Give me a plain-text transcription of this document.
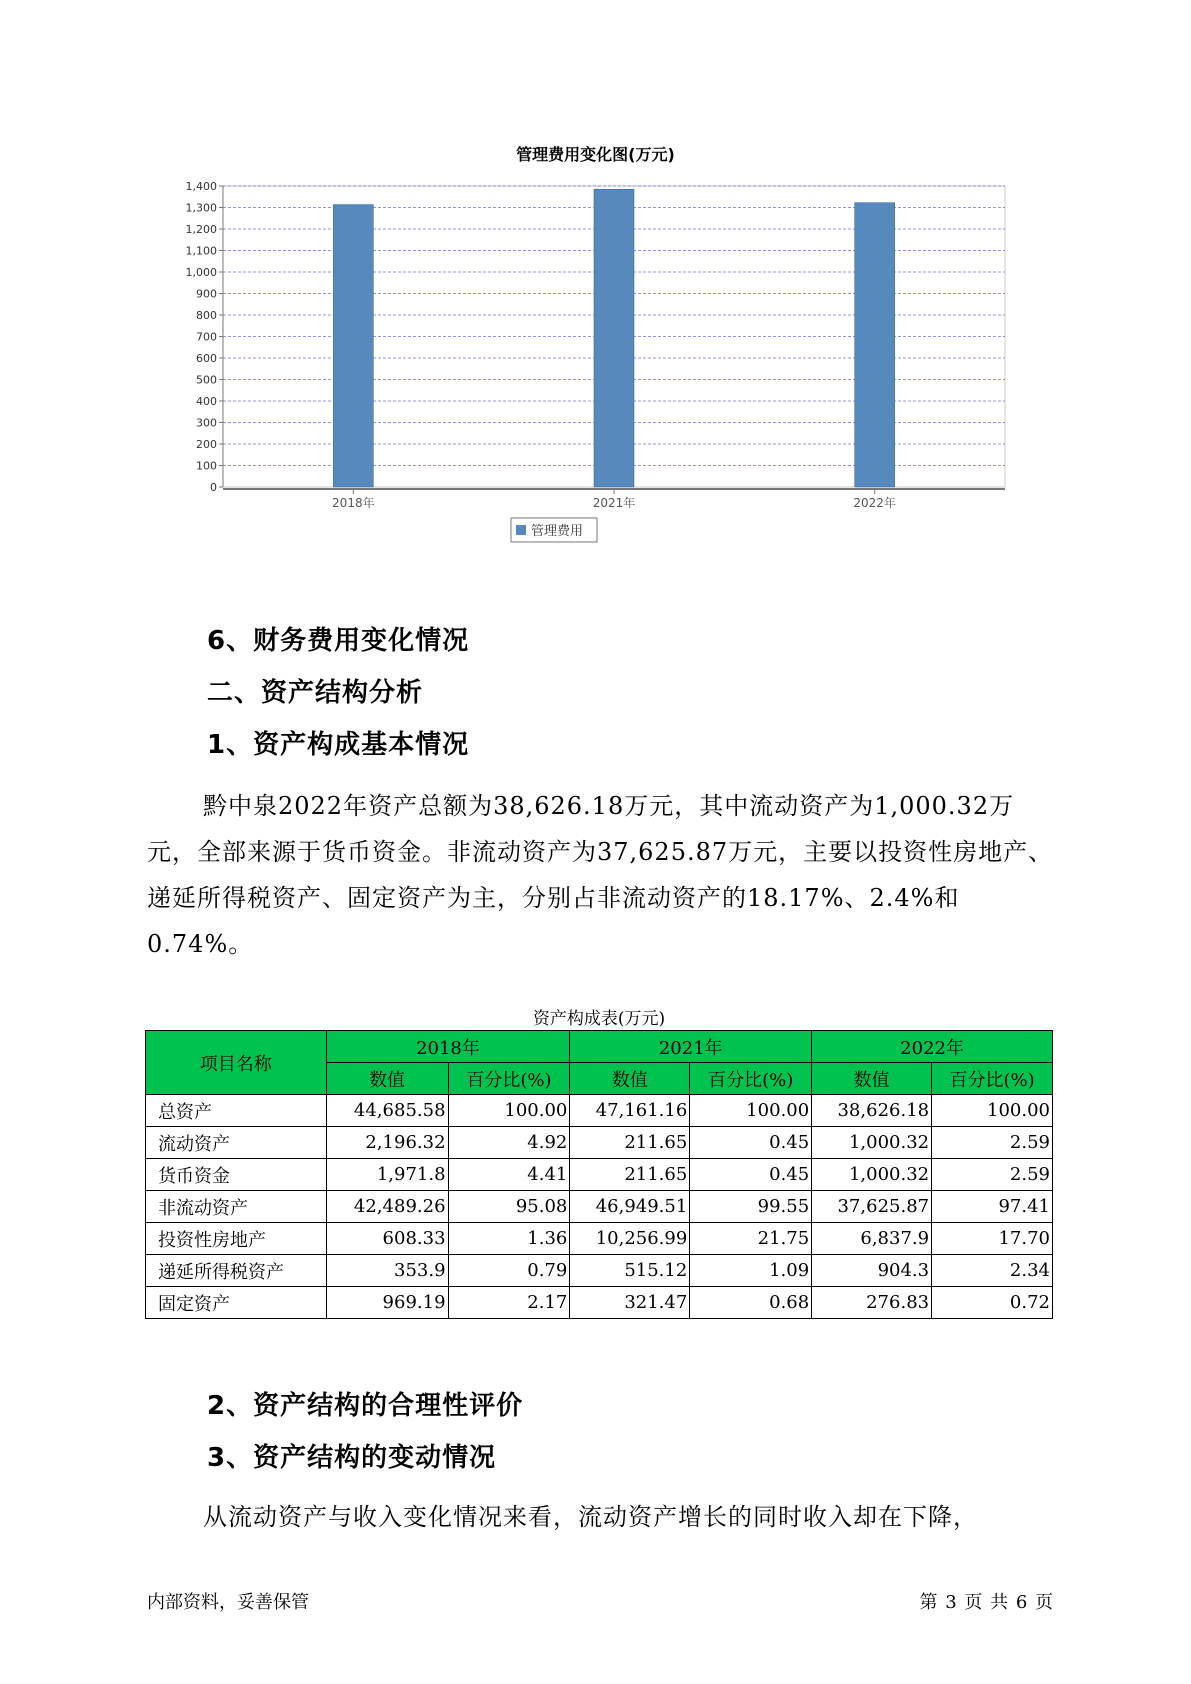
管理费用变化图(万元)
0
100
200
300
400
500
600
700
800
900
1,000
1,100
1,200
1,300
1,400
2018年	2021年	2022年
管理费用
6、财务费用变化情况
二、资产结构分析
1、资产构成基本情况
黔中泉2022年资产总额为38,626.18万元，其中流动资产为1,000.32万元，全部来源于货币资金。非流动资产为37,625.87万元，主要以投资性房地产、递延所得税资产、固定资产为主，分别占非流动资产的18.17%、2.4%和0.74%。
资产构成表(万元)
项目名称	2018年		2021年		2022年	
	数值	百分比(%)	数值	百分比(%)	数值	百分比(%)
总资产	44,685.58	100.00	47,161.16	100.00	38,626.18	100.00
流动资产	2,196.32	4.92	211.65	0.45	1,000.32	2.59
货币资金	1,971.8	4.41	211.65	0.45	1,000.32	2.59
非流动资产	42,489.26	95.08	46,949.51	99.55	37,625.87	97.41
投资性房地产	608.33	1.36	10,256.99	21.75	6,837.9	17.70
递延所得税资产	353.9	0.79	515.12	1.09	904.3	2.34
固定资产	969.19	2.17	321.47	0.68	276.83	0.72
2、资产结构的合理性评价
3、资产结构的变动情况
从流动资产与收入变化情况来看，流动资产增长的同时收入却在下降，
内部资料，妥善保管	第 3 页 共 6 页
